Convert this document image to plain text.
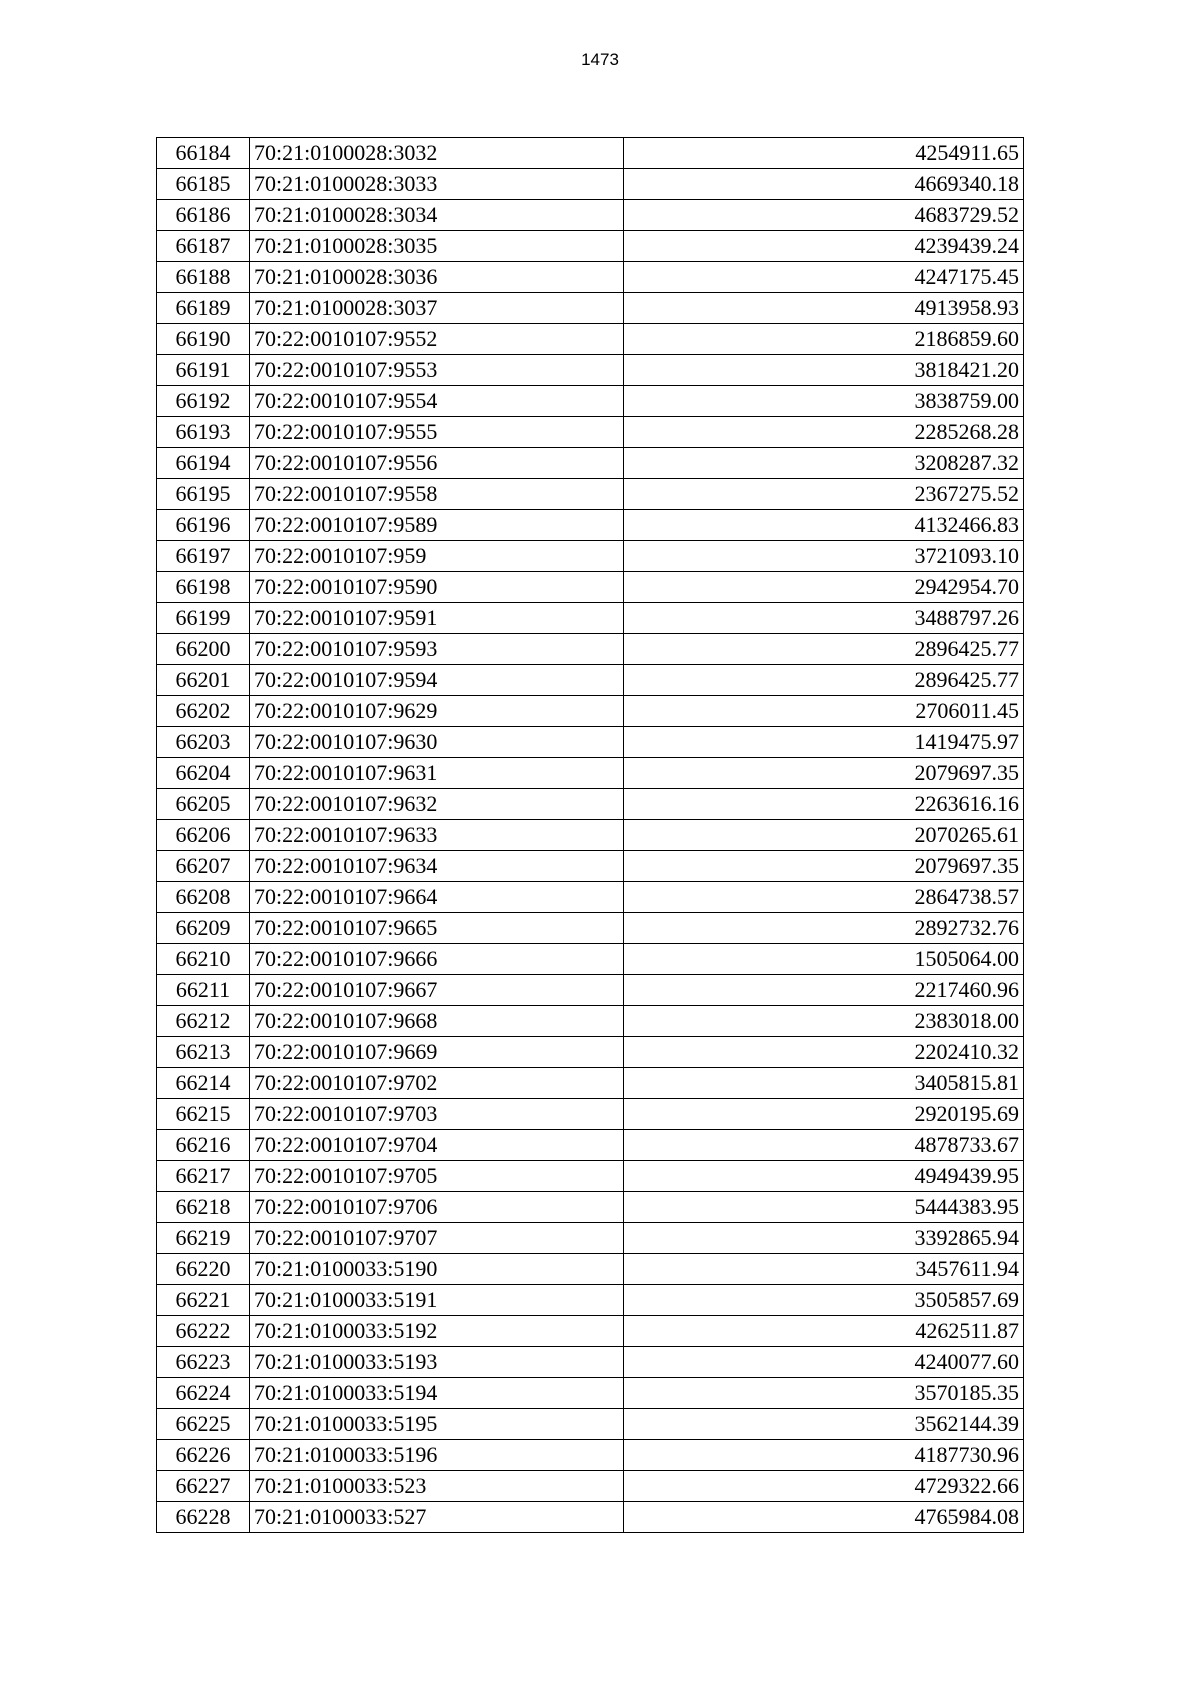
1473
66184	70:21:0100028:3032	4254911.65
66185	70:21:0100028:3033	4669340.18
66186	70:21:0100028:3034	4683729.52
66187	70:21:0100028:3035	4239439.24
66188	70:21:0100028:3036	4247175.45
66189	70:21:0100028:3037	4913958.93
66190	70:22:0010107:9552	2186859.60
66191	70:22:0010107:9553	3818421.20
66192	70:22:0010107:9554	3838759.00
66193	70:22:0010107:9555	2285268.28
66194	70:22:0010107:9556	3208287.32
66195	70:22:0010107:9558	2367275.52
66196	70:22:0010107:9589	4132466.83
66197	70:22:0010107:959	3721093.10
66198	70:22:0010107:9590	2942954.70
66199	70:22:0010107:9591	3488797.26
66200	70:22:0010107:9593	2896425.77
66201	70:22:0010107:9594	2896425.77
66202	70:22:0010107:9629	2706011.45
66203	70:22:0010107:9630	1419475.97
66204	70:22:0010107:9631	2079697.35
66205	70:22:0010107:9632	2263616.16
66206	70:22:0010107:9633	2070265.61
66207	70:22:0010107:9634	2079697.35
66208	70:22:0010107:9664	2864738.57
66209	70:22:0010107:9665	2892732.76
66210	70:22:0010107:9666	1505064.00
66211	70:22:0010107:9667	2217460.96
66212	70:22:0010107:9668	2383018.00
66213	70:22:0010107:9669	2202410.32
66214	70:22:0010107:9702	3405815.81
66215	70:22:0010107:9703	2920195.69
66216	70:22:0010107:9704	4878733.67
66217	70:22:0010107:9705	4949439.95
66218	70:22:0010107:9706	5444383.95
66219	70:22:0010107:9707	3392865.94
66220	70:21:0100033:5190	3457611.94
66221	70:21:0100033:5191	3505857.69
66222	70:21:0100033:5192	4262511.87
66223	70:21:0100033:5193	4240077.60
66224	70:21:0100033:5194	3570185.35
66225	70:21:0100033:5195	3562144.39
66226	70:21:0100033:5196	4187730.96
66227	70:21:0100033:523	4729322.66
66228	70:21:0100033:527	4765984.08
